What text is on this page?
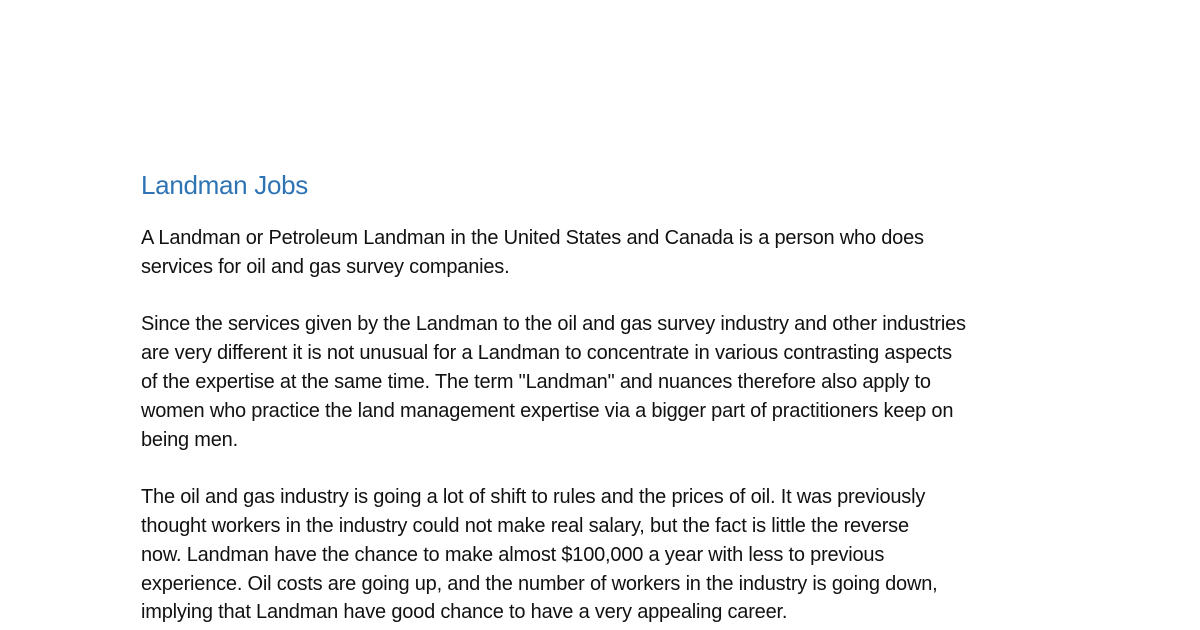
Landman Jobs

A Landman or Petroleum Landman in the United States and Canada is a person who does
services for oil and gas survey companies.

Since the services given by the Landman to the oil and gas survey industry and other industries
are very different it is not unusual for a Landman to concentrate in various contrasting aspects
of the expertise at the same time. The term "Landman" and nuances therefore also apply to
women who practice the land management expertise via a bigger part of practitioners keep on
being men.

The oil and gas industry is going a lot of shift to rules and the prices of oil. It was previously
thought workers in the industry could not make real salary, but the fact is little the reverse
now. Landman have the chance to make almost $100,000 a year with less to previous
experience. Oil costs are going up, and the number of workers in the industry is going down,
implying that Landman have good chance to have a very appealing career.
